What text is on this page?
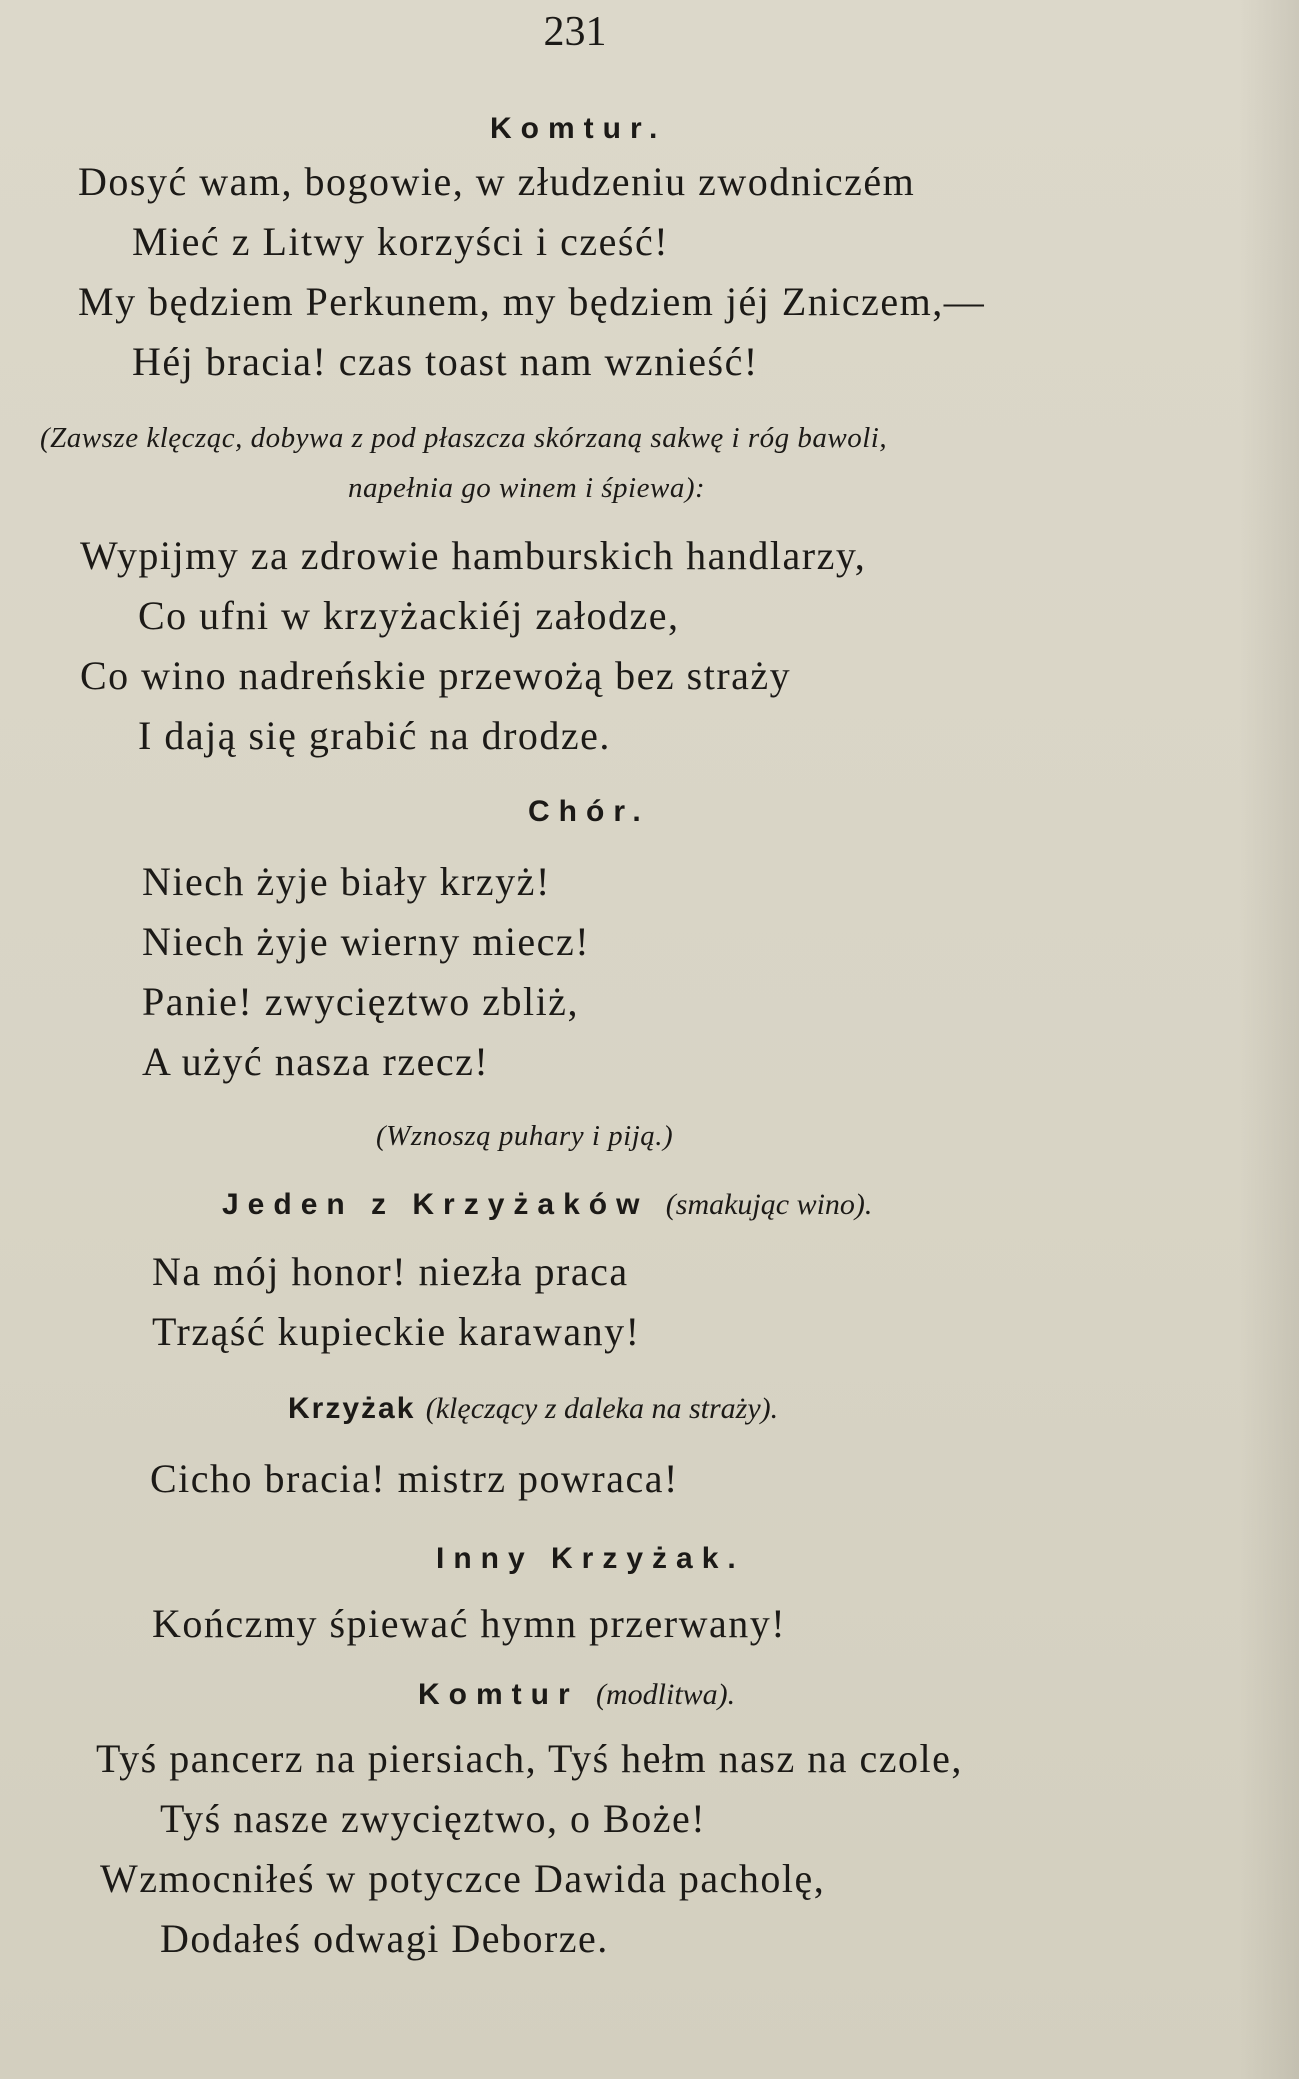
231
Komtur.
Dosyć wam, bogowie, w złudzeniu zwodniczém
Mieć z Litwy korzyści i cześć!
My będziem Perkunem, my będziem jéj Zniczem,—
Héj bracia! czas toast nam wznieść!
(Zawsze klęcząc, dobywa z pod płaszcza skórzaną sakwę i róg bawoli,
napełnia go winem i śpiewa):
Wypijmy za zdrowie hamburskich handlarzy,
Co ufni w krzyżackiéj załodze,
Co wino nadreńskie przewożą bez straży
I dają się grabić na drodze.
Chór.
Niech żyje biały krzyż!
Niech żyje wierny miecz!
Panie! zwycięztwo zbliż,
A użyć nasza rzecz!
(Wznoszą puhary i piją.)
Jeden z Krzyżaków (smakując wino).
Na mój honor! niezła praca
Trząść kupieckie karawany!
Krzyżak (klęczący z daleka na straży).
Cicho bracia! mistrz powraca!
Inny Krzyżak.
Kończmy śpiewać hymn przerwany!
Komtur (modlitwa).
Tyś pancerz na piersiach, Tyś hełm nasz na czole,
Tyś nasze zwycięztwo, o Boże!
Wzmocniłeś w potyczce Dawida pacholę,
Dodałeś odwagi Deborze.
